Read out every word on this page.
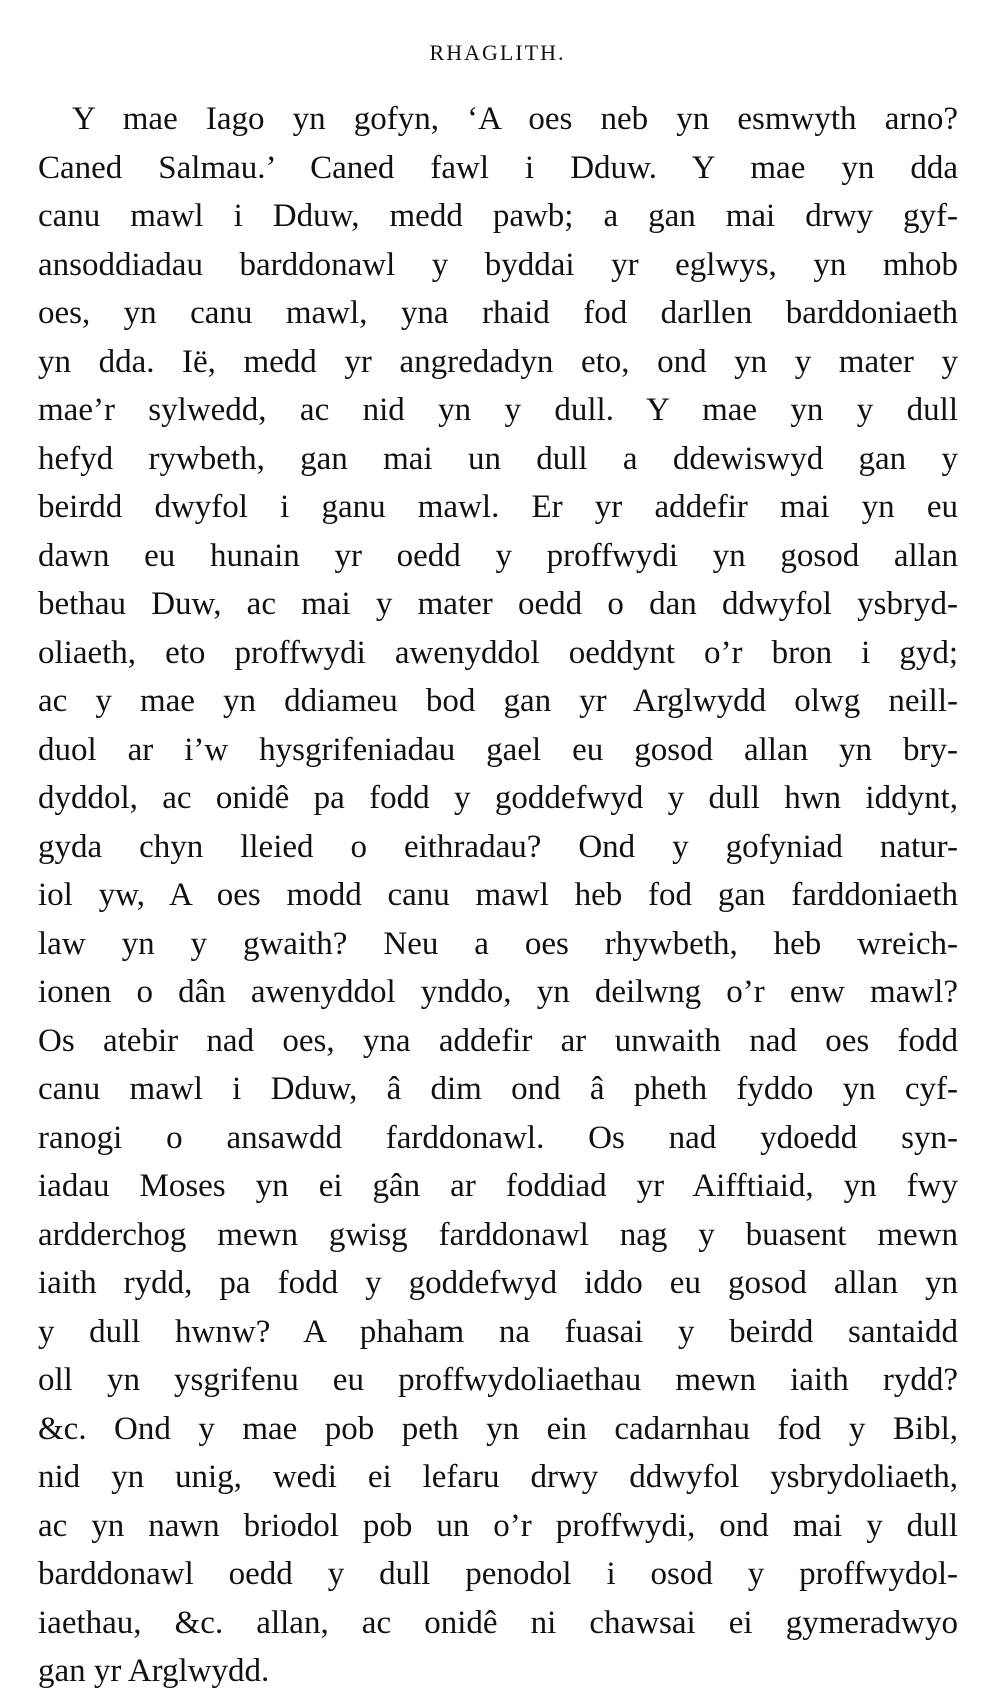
RHAGLITH.
Y mae Iago yn gofyn, ‘A oes neb yn esmwyth arno?
Caned Salmau.’ Caned fawl i Dduw. Y mae yn dda
canu mawl i Dduw, medd pawb; a gan mai drwy gyf-
ansoddiadau barddonawl y byddai yr eglwys, yn mhob
oes, yn canu mawl, yna rhaid fod darllen barddoniaeth
yn dda. Iё, medd yr angredadyn eto, ond yn y mater y
mae’r sylwedd, ac nid yn y dull. Y mae yn y dull
hefyd rywbeth, gan mai un dull a ddewiswyd gan y
beirdd dwyfol i ganu mawl. Er yr addefir mai yn eu
dawn eu hunain yr oedd y proffwydi yn gosod allan
bethau Duw, ac mai y mater oedd o dan ddwyfol ysbryd-
oliaeth, eto proffwydi awenyddol oeddynt o’r bron i gyd;
ac y mae yn ddiameu bod gan yr Arglwydd olwg neill-
duol ar i’w hysgrifeniadau gael eu gosod allan yn bry-
dyddol, ac onidê pa fodd y goddefwyd y dull hwn iddynt,
gyda chyn lleied o eithradau? Ond y gofyniad natur-
iol yw, A oes modd canu mawl heb fod gan farddoniaeth
law yn y gwaith? Neu a oes rhywbeth, heb wreich-
ionen o dân awenyddol ynddo, yn deilwng o’r enw mawl?
Os atebir nad oes, yna addefir ar unwaith nad oes fodd
canu mawl i Dduw, â dim ond â pheth fyddo yn cyf-
ranogi o ansawdd farddonawl. Os nad ydoedd syn-
iadau Moses yn ei gân ar foddiad yr Aifftiaid, yn fwy
ardderchog mewn gwisg farddonawl nag y buasent mewn
iaith rydd, pa fodd y goddefwyd iddo eu gosod allan yn
y dull hwnw? A phaham na fuasai y beirdd santaidd
oll yn ysgrifenu eu proffwydoliaethau mewn iaith rydd?
&c. Ond y mae pob peth yn ein cadarnhau fod y Bibl,
nid yn unig, wedi ei lefaru drwy ddwyfol ysbrydoliaeth,
ac yn nawn briodol pob un o’r proffwydi, ond mai y dull
barddonawl oedd y dull penodol i osod y proffwydol-
iaethau, &c. allan, ac onidê ni chawsai ei gymeradwyo
gan yr Arglwydd.
